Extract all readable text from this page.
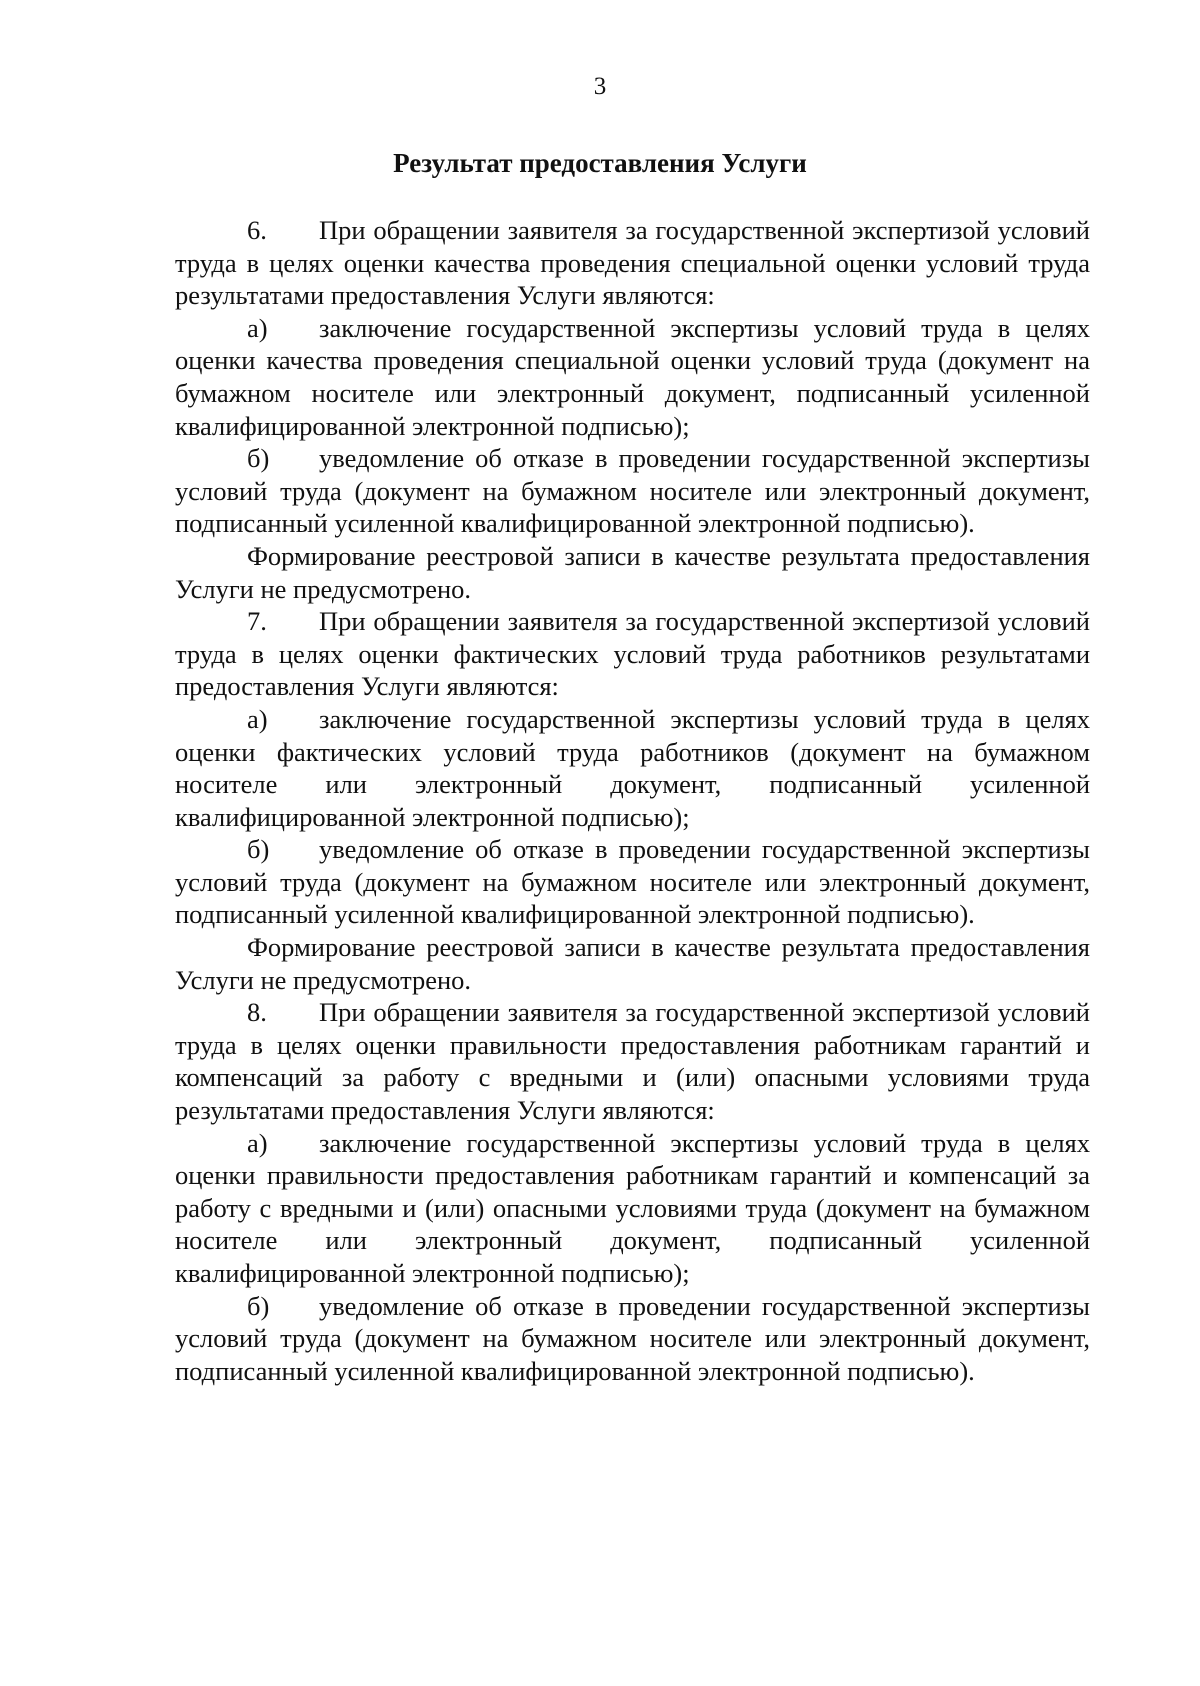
3
Результат предоставления Услуги

6. При обращении заявителя за государственной экспертизой условий труда в целях оценки качества проведения специальной оценки условий труда результатами предоставления Услуги являются:

а) заключение государственной экспертизы условий труда в целях оценки качества проведения специальной оценки условий труда (документ на бумажном носителе или электронный документ, подписанный усиленной квалифицированной электронной подписью);

б) уведомление об отказе в проведении государственной экспертизы условий труда (документ на бумажном носителе или электронный документ, подписанный усиленной квалифицированной электронной подписью).

Формирование реестровой записи в качестве результата предоставления Услуги не предусмотрено.

7. При обращении заявителя за государственной экспертизой условий труда в целях оценки фактических условий труда работников результатами предоставления Услуги являются:

а) заключение государственной экспертизы условий труда в целях оценки фактических условий труда работников (документ на бумажном носителе или электронный документ, подписанный усиленной квалифицированной электронной подписью);

б) уведомление об отказе в проведении государственной экспертизы условий труда (документ на бумажном носителе или электронный документ, подписанный усиленной квалифицированной электронной подписью).

Формирование реестровой записи в качестве результата предоставления Услуги не предусмотрено.

8. При обращении заявителя за государственной экспертизой условий труда в целях оценки правильности предоставления работникам гарантий и компенсаций за работу с вредными и (или) опасными условиями труда результатами предоставления Услуги являются:

а) заключение государственной экспертизы условий труда в целях оценки правильности предоставления работникам гарантий и компенсаций за работу с вредными и (или) опасными условиями труда (документ на бумажном носителе или электронный документ, подписанный усиленной квалифицированной электронной подписью);

б) уведомление об отказе в проведении государственной экспертизы условий труда (документ на бумажном носителе или электронный документ, подписанный усиленной квалифицированной электронной подписью).
